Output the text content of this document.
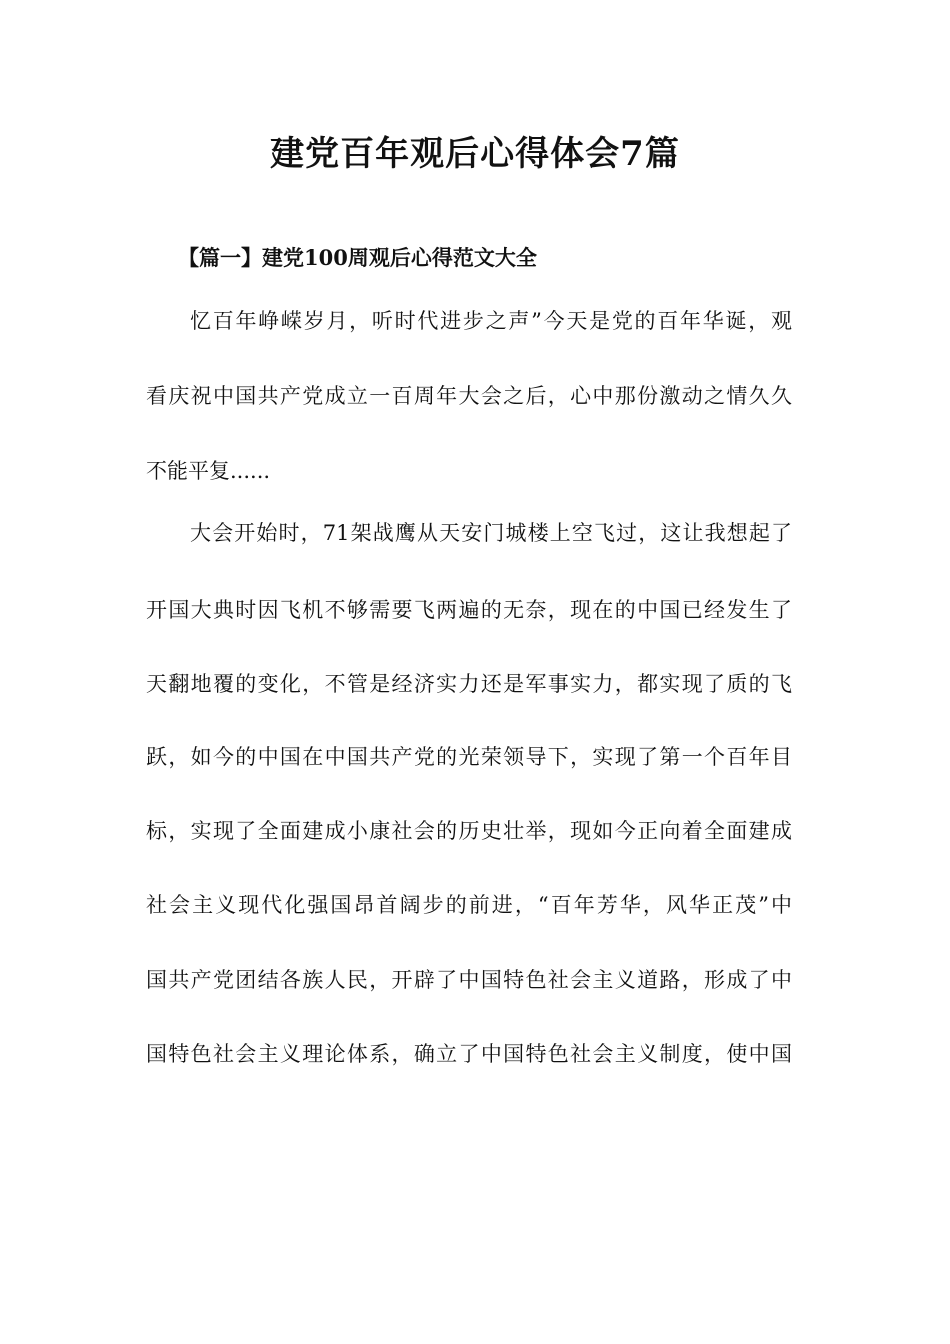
建党百年观后心得体会7篇
【篇一】建党100周观后心得范文大全
忆百年峥嵘岁月，听时代进步之声”今天是党的百年华诞，观
看庆祝中国共产党成立一百周年大会之后，心中那份激动之情久久
不能平复......
大会开始时，71架战鹰从天安门城楼上空飞过，这让我想起了
开国大典时因飞机不够需要飞两遍的无奈，现在的中国已经发生了
天翻地覆的变化，不管是经济实力还是军事实力，都实现了质的飞
跃，如今的中国在中国共产党的光荣领导下，实现了第一个百年目
标，实现了全面建成小康社会的历史壮举，现如今正向着全面建成
社会主义现代化强国昂首阔步的前进，“百年芳华，风华正茂”中
国共产党团结各族人民，开辟了中国特色社会主义道路，形成了中
国特色社会主义理论体系，确立了中国特色社会主义制度，使中国
